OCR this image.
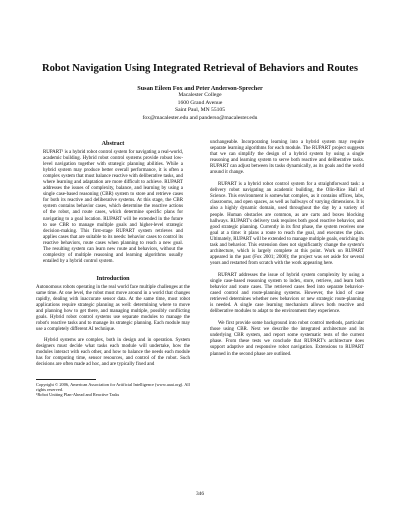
Robot Navigation Using Integrated Retrieval of Behaviors and Routes
Susan Eileen Fox and Peter Anderson-Sprecher
Macalester College
1600 Grand Avenue
Saint Paul, MN 55105
fox@macalester.edu and panderso@macalester.edu
Abstract
RUPART¹ is a hybrid robot control system for navigating a real-world, academic building. Hybrid robot control systems provide robust low-level navigation together with strategic planning abilities. While a hybrid system may produce better overall performance, it is often a complex system that must balance reactive with deliberative tasks, and where learning and adaptation are more difficult to achieve. RUPART addresses the issues of complexity, balance, and learning by using a single case-based reasoning (CBR) system to store and retrieve cases for both its reactive and deliberative systems. At this stage, the CBR system contains behavior cases, which determine the reactive actions of the robot, and route cases, which determine specific plans for navigating to a goal location. RUPART will be extended in the future to use CBR to manage multiple goals and higher-level strategic decision-making. This first-stage RUPART system retrieves and applies cases that are suitable to its needs: behavior cases to control its reactive behaviors, route cases when planning to reach a new goal. The resulting system can learn new route and behaviors, without the complexity of multiple reasoning and learning algorithms usually entailed by a hybrid control system.
Introduction

Autonomous robots operating in the real world face multiple challenges at the same time. At one level, the robot must move around in a world that changes rapidly, dealing with inaccurate sensor data. At the same time, most robot applications require strategic planning as well: determining where to move and planning how to get there, and managing multiple, possibly conflicting goals. Hybrid robot control systems use separate modules to manage the robot's reactive tasks and to manage its strategic planning. Each module may use a completely different AI technique.

Hybrid systems are complex, both in design and in operation. System designers must decide what tasks each module will undertake, how the modules interact with each other, and how to balance the needs each module has for computing time, sensor resources, and control of the robot. Such decisions are often made ad hoc, and are typically fixed and

Copyright © 2006, American Association for Artificial Intelligence (www.aaai.org). All rights reserved.
¹Robot Uniting Plan-Ahead and Reactive Tasks

unchangeable. Incorporating learning into a hybrid system may require separate learning algorithms for each module. The RUPART project suggests that we can simplify the design of a hybrid system by using a single reasoning and learning system to serve both reactive and deliberative tasks. RUPART can adjust between its tasks dynamically, as its goals and the world around it change.

RUPART is a hybrid robot control system for a straightforward task: a delivery robot navigating an academic building, the Olin-Rice Hall of Science. This environment is somewhat complex, as it contains offices, labs, classrooms, and open spaces, as well as hallways of varying dimensions. It is also a highly dynamic domain, used throughout the day by a variety of people. Human obstacles are common, as are carts and boxes blocking hallways. RUPART's delivery task requires both good reactive behavior, and good strategic planning. Currently in its first phase, the system receives one goal at a time: it plans a route to reach the goal, and executes the plan. Ultimately, RUPART will be extended to manage multiple goals, enriching its task and behavior. This extension does not significantly change the system's architecture, which is largely complete at this point. Work on RUPART appeared in the past (Fox 2001; 2000); the project was set aside for several years and restarted from scratch with the work appearing here.

RUPART addresses the issue of hybrid system complexity by using a single case-based reasoning system to index, store, retrieve, and learn both behavior and route cases. The retrieved cases feed into separate behavior-cased control and route-planning systems. However, the kind of case retrieved determines whether new behaviors or new strategic route-planning is needed. A single case learning mechanism allows both reactive and deliberative modules to adapt to the environment they experience.

We first provide some background into robot control methods, particular those using CBR. Next we describe the integrated architecture and its underlying CBR system, and report some systematic tests of the current phase. From these tests we conclude that RUPART's architecture does support adaptive and responsive robot navigation. Extensions to RUPART planned in the second phase are outlined.

346
